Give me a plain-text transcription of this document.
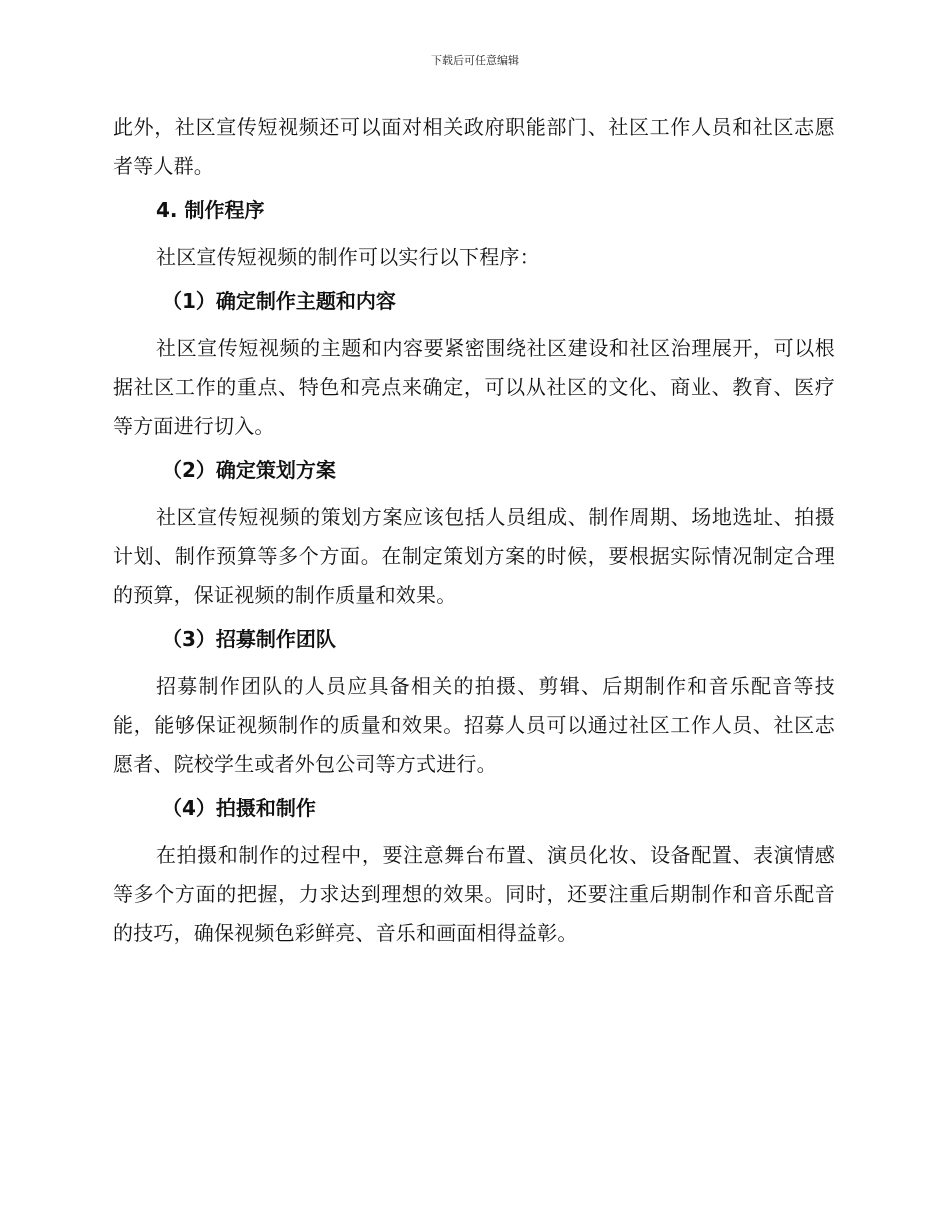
下载后可任意编辑

此外，社区宣传短视频还可以面对相关政府职能部门、社区工作人员和社区志愿者等人群。

4. 制作程序

社区宣传短视频的制作可以实行以下程序：

（1）确定制作主题和内容

社区宣传短视频的主题和内容要紧密围绕社区建设和社区治理展开，可以根据社区工作的重点、特色和亮点来确定，可以从社区的文化、商业、教育、医疗等方面进行切入。

（2）确定策划方案

社区宣传短视频的策划方案应该包括人员组成、制作周期、场地选址、拍摄计划、制作预算等多个方面。在制定策划方案的时候，要根据实际情况制定合理的预算，保证视频的制作质量和效果。

（3）招募制作团队

招募制作团队的人员应具备相关的拍摄、剪辑、后期制作和音乐配音等技能，能够保证视频制作的质量和效果。招募人员可以通过社区工作人员、社区志愿者、院校学生或者外包公司等方式进行。

（4）拍摄和制作

在拍摄和制作的过程中，要注意舞台布置、演员化妆、设备配置、表演情感等多个方面的把握，力求达到理想的效果。同时，还要注重后期制作和音乐配音的技巧，确保视频色彩鲜亮、音乐和画面相得益彰。
